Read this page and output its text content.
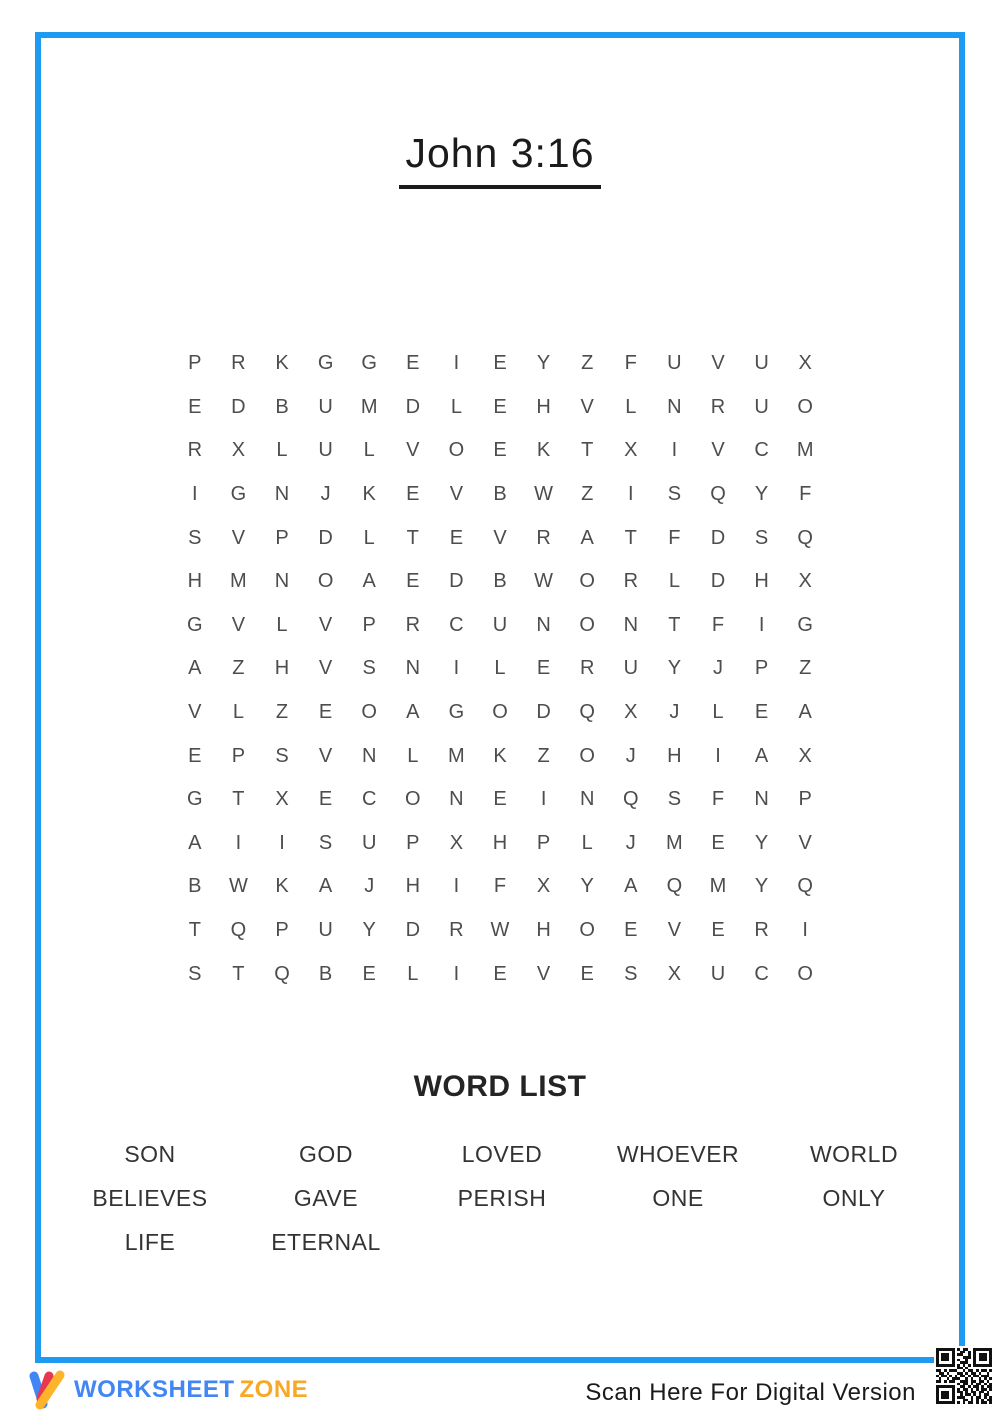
John 3:16
P	R	K	G	G	E	I	E	Y	Z	F	U	V	U	X
E	D	B	U	M	D	L	E	H	V	L	N	R	U	O
R	X	L	U	L	V	O	E	K	T	X	I	V	C	M
I	G	N	J	K	E	V	B	W	Z	I	S	Q	Y	F
S	V	P	D	L	T	E	V	R	A	T	F	D	S	Q
H	M	N	O	A	E	D	B	W	O	R	L	D	H	X
G	V	L	V	P	R	C	U	N	O	N	T	F	I	G
A	Z	H	V	S	N	I	L	E	R	U	Y	J	P	Z
V	L	Z	E	O	A	G	O	D	Q	X	J	L	E	A
E	P	S	V	N	L	M	K	Z	O	J	H	I	A	X
G	T	X	E	C	O	N	E	I	N	Q	S	F	N	P
A	I	I	S	U	P	X	H	P	L	J	M	E	Y	V
B	W	K	A	J	H	I	F	X	Y	A	Q	M	Y	Q
T	Q	P	U	Y	D	R	W	H	O	E	V	E	R	I
S	T	Q	B	E	L	I	E	V	E	S	X	U	C	O
WORD LIST
SON	GOD	LOVED	WHOEVER	WORLD
BELIEVES	GAVE	PERISH	ONE	ONLY
LIFE	ETERNAL
WORKSHEET ZONE	Scan Here For Digital Version
